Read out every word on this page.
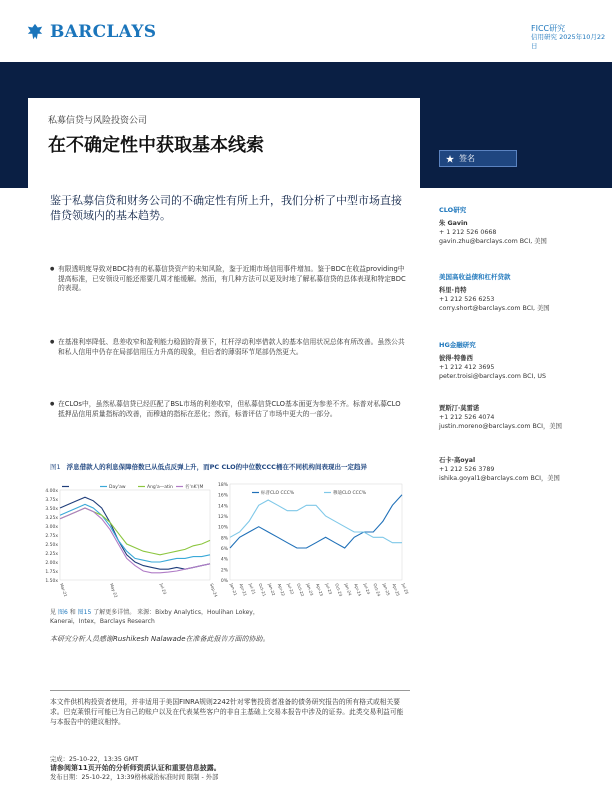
BARCLAYS	FICC研究
信用研究 2025年10月22日
私募信贷与风险投资公司
在不确定性中获取基本线索
签名
鉴于私募信贷和财务公司的不确定性有所上升，我们分析了中型市场直接借贷领域内的基本趋势。
● 有限透明度导致对BDC持有的私募信贷资产的未知风险，鉴于近期市场信用事件增加。鉴于BDC在收益providing中提高标准，已安领设可能还需要几周才能缓解。然而，有几种方法可以更及时地了解私募信贷的总体表现和特定BDC的表现。
● 在基准利率降低、息差收窄和盈利能力稳固的背景下，杠杆浮动利率借款人的基本信用状况总体有所改善。虽然公共和私人信用中仍存在局部信用压力升高的现象，但后者的薄弱环节尾部仍然更大。
● 在CLOs中，虽然私募信贷已经匹配了BSL市场的利差收窄，但私募信贷CLO基本面更为参差不齐。标普对私募CLO抵押品信用质量指标的改善，而穆迪的指标在恶化；然而，标普评估了市场中更大的一部分。
图1 浮息借款人的利息保障倍数已从低点反弹上升，而PC CLO的中位数CCC桶在不同机构间表现出一定趋异
4.00x
3.75x
3.50x
3.25x
3.00x
2.75x
2.50x
2.25x
2.00x
1.75x
1.50x
Mar-21	May-22	Jul-23	Sep-24
Day'aw	Ang'a—atin	名'nK'(M	18%
16%
14%
12%
10%
8%
6%
4%
2%
0%
Jan-21 Apr-21 Jul-21 Oct-21 Jan-22 Apr-22 Jul-22 Oct-22 Jan-23 Apr-23 Jul-23 Oct-23 Jan-24 Apr-24 Jul-24 Oct-24 Jan-25 Apr-25 Jul-25
标普CLO CCC%	穆迪CLO CCC%
见 图6 和 图15 了解更多详情。 来源：Bixby Analytics，Houlihan Lokey，Kanerai，Intex，Barclays Research
本研究分析人员感谢Rushikesh Nalawade在准备此报告方面的协助。
本文件供机构投资者使用，并非适用于美国FINRA规则2242针对零售投资者准备的债务研究报告的所有格式或相关要求。巴克莱银行可能已为自己的账户以及在代表某些客户的非自主基础上交易本报告中涉及的证券。此类交易利益可能与本报告中的建议相悖。
完成：25-10-22，13:35 GMT
请参阅第11页开始的分析师资质认证和重要信息披露。
发布日期：25-10-22，13:39格林威治标准时间 限制 - 外部
CLO研究
朱 Gavin
+ 1 212 526 0668 gavin.zhu@barclays.com BCI, 美国
美国高收益债和杠杆贷款
科里·肖特
+1 212 526 6253 corry.short@barclays.com BCI, 美国
HG金融研究
彼得·特鲁西
+1 212 412 3695 peter.troisi@barclays.com BCI, US
贾斯汀·莫雷诺
+1 212 526 4074 justin.moreno@barclays.com BCI，美国
石卡·高oyal
+1 212 526 3789 ishika.goyal1@barclays.com BCI，美国
